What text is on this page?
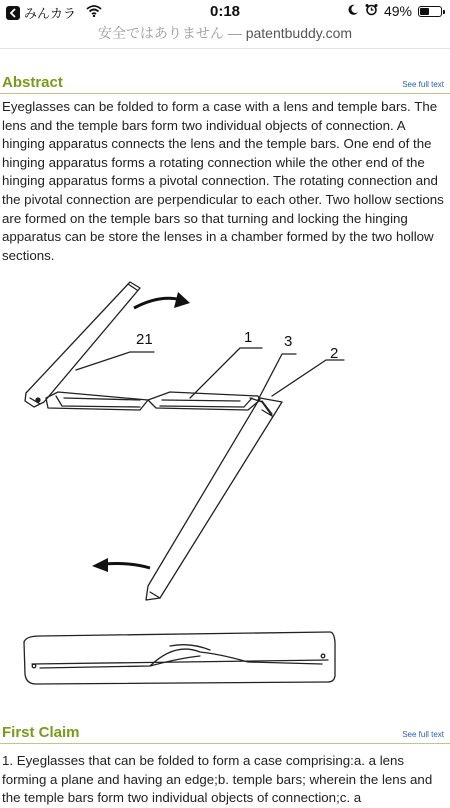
みんカラ	0:18	49%
安全ではありません — patentbuddy.com
Abstract	See full text
Eyeglasses can be folded to form a case with a lens and temple bars. The lens and the temple bars form two individual objects of connection. A hinging apparatus connects the lens and the temple bars. One end of the hinging apparatus forms a rotating connection while the other end of the hinging apparatus forms a pivotal connection. The rotating connection and the pivotal connection are perpendicular to each other. Two hollow sections are formed on the temple bars so that turning and locking the hinging apparatus can be store the lenses in a chamber formed by the two hollow sections.
21	1 3
2
First Claim	See full text
1. Eyeglasses that can be folded to form a case comprising:a. a lens forming a plane and having an edge;b. temple bars; wherein the lens and the temple bars form two individual objects of connection;c. a
